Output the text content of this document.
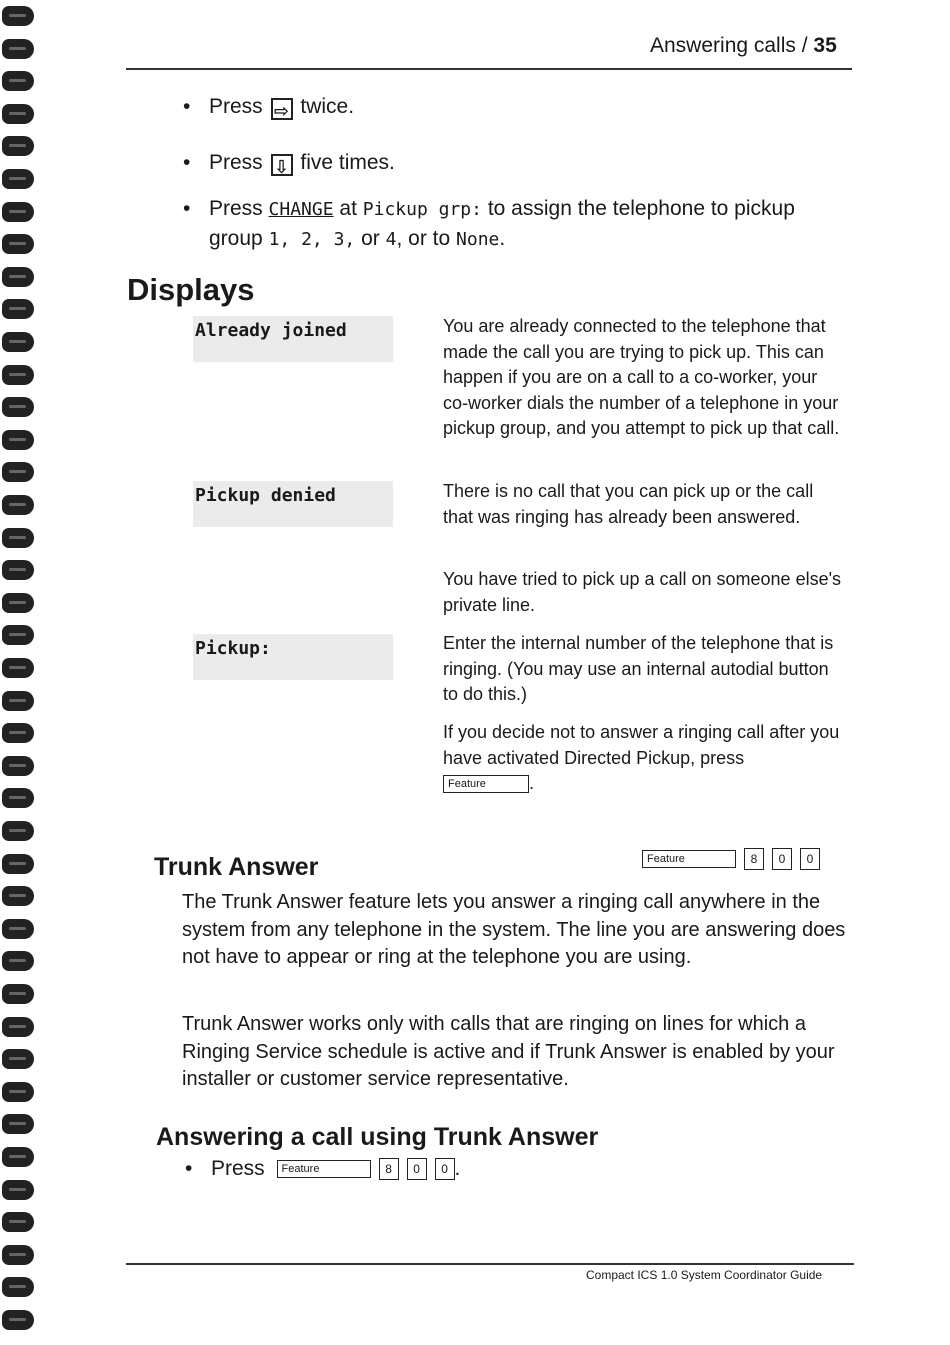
Answering calls / 35
• Press ⇨ twice.
• Press ⇩ five times.
• Press CHANGE at Pickup grp: to assign the telephone to pickup
group 1, 2, 3, or 4, or to None.
Displays
Already joined	You are already connected to the telephone that made the call you are trying to pick up. This can happen if you are on a call to a co-worker, your co-worker dials the number of a telephone in your pickup group, and you attempt to pick up that call.
Pickup denied	There is no call that you can pick up or the call that was ringing has already been answered.
You have tried to pick up a call on someone else's private line.
Pickup:	Enter the internal number of the telephone that is ringing. (You may use an internal autodial button to do this.)
If you decide not to answer a ringing call after you have activated Directed Pickup, press
Feature .
Trunk Answer	Feature	8 0 0
The Trunk Answer feature lets you answer a ringing call anywhere in the system from any telephone in the system. The line you are answering does not have to appear or ring at the telephone you are using.
Trunk Answer works only with calls that are ringing on lines for which a Ringing Service schedule is active and if Trunk Answer is enabled by your installer or customer service representative.
Answering a call using Trunk Answer
• Press Feature	8 0 0 .
Compact ICS 1.0 System Coordinator Guide
